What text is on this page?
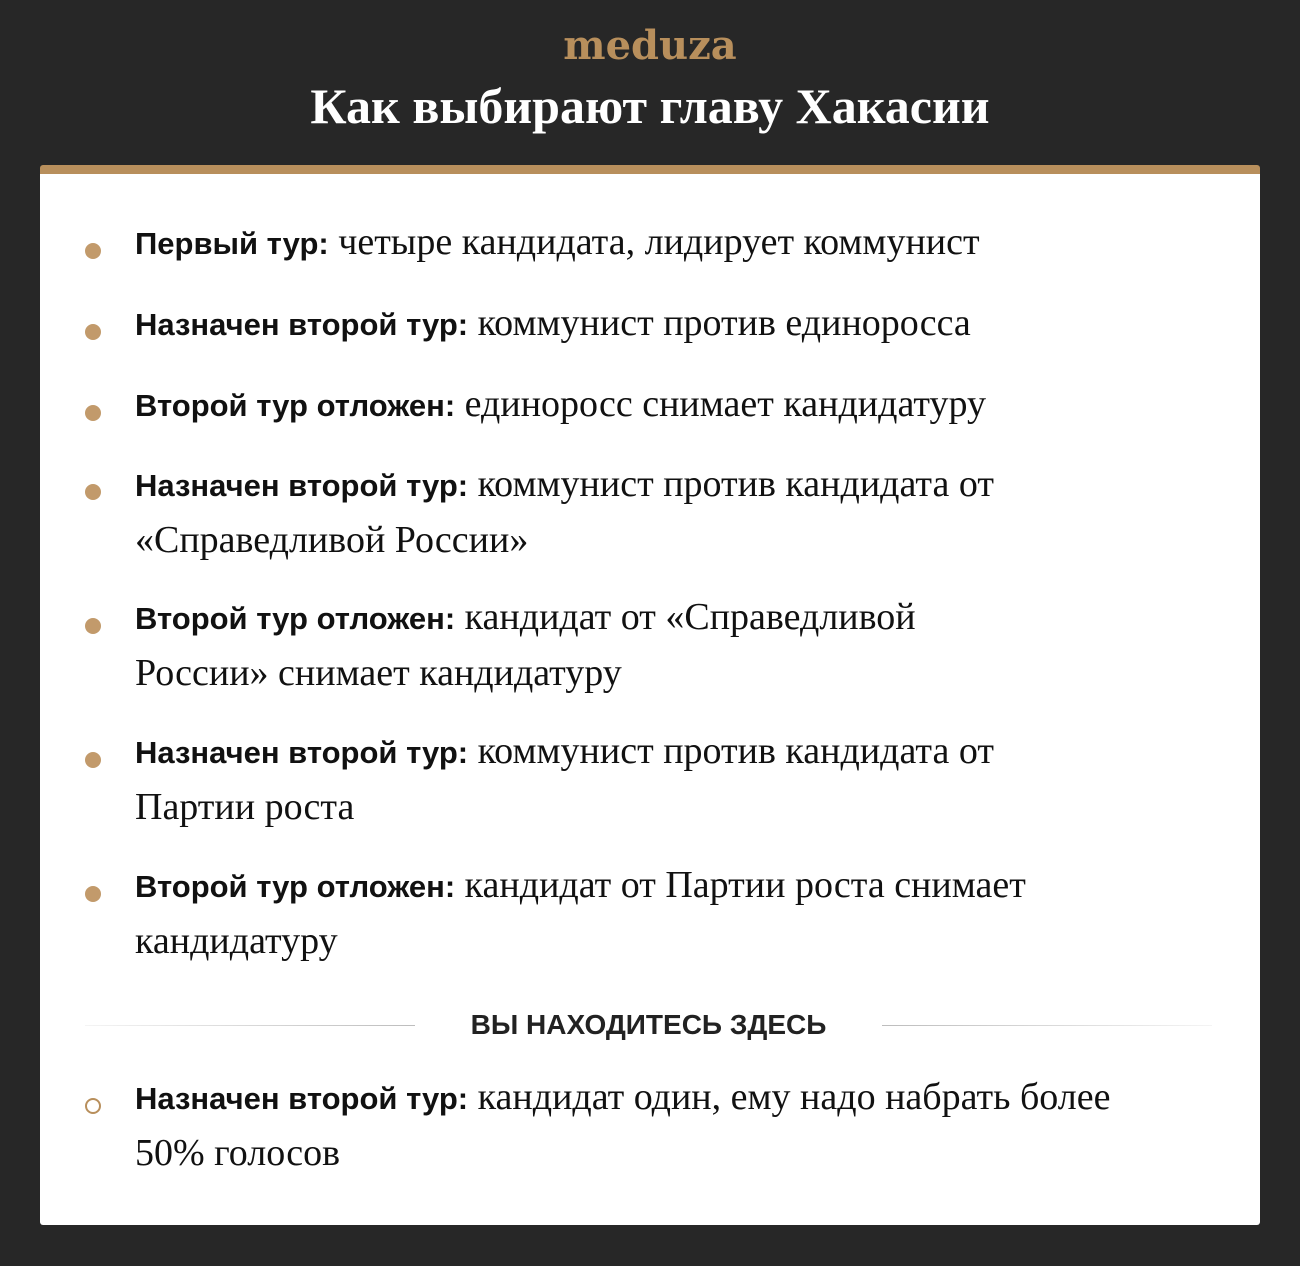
meduza
Как выбирают главу Хакасии
Первый тур: четыре кандидата, лидирует коммунист
Назначен второй тур: коммунист против единоросса
Второй тур отложен: единоросс снимает кандидатуру
Назначен второй тур: коммунист против кандидата от «Справедливой России»
Второй тур отложен: кандидат от «Справедливой России» снимает кандидатуру
Назначен второй тур: коммунист против кандидата от Партии роста
Второй тур отложен: кандидат от Партии роста снимает кандидатуру
ВЫ НАХОДИТЕСЬ ЗДЕСЬ
Назначен второй тур: кандидат один, ему надо набрать более 50% голосов
